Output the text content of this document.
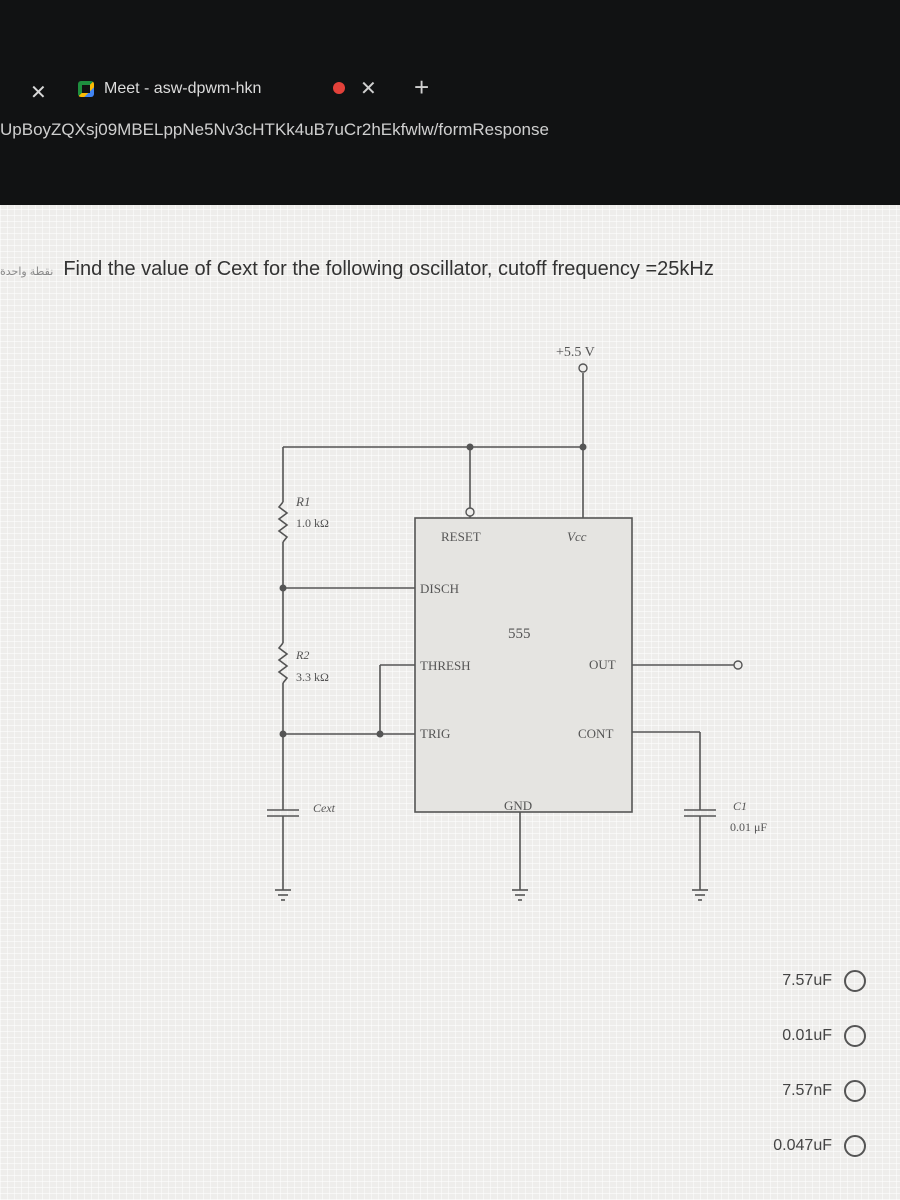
✕	Meet - asw-dpwm-hkn	✕ +
UpBoyZQXsj09MBELppNe5Nv3cHTKk4uB7uCr2hEkfwlw/formResponse
نقطة واحدة Find the value of Cext for the following oscillator, cutoff frequency =25kHz
+5.5 V
555
RESET	Vcc
DISCH
THRESH	OUT
TRIG	CONT
GND
R1
1.0 kΩ
R2
3.3 kΩ
Cext	C1
0.01 μF
7.57uF
0.01uF
7.57nF
0.047uF
